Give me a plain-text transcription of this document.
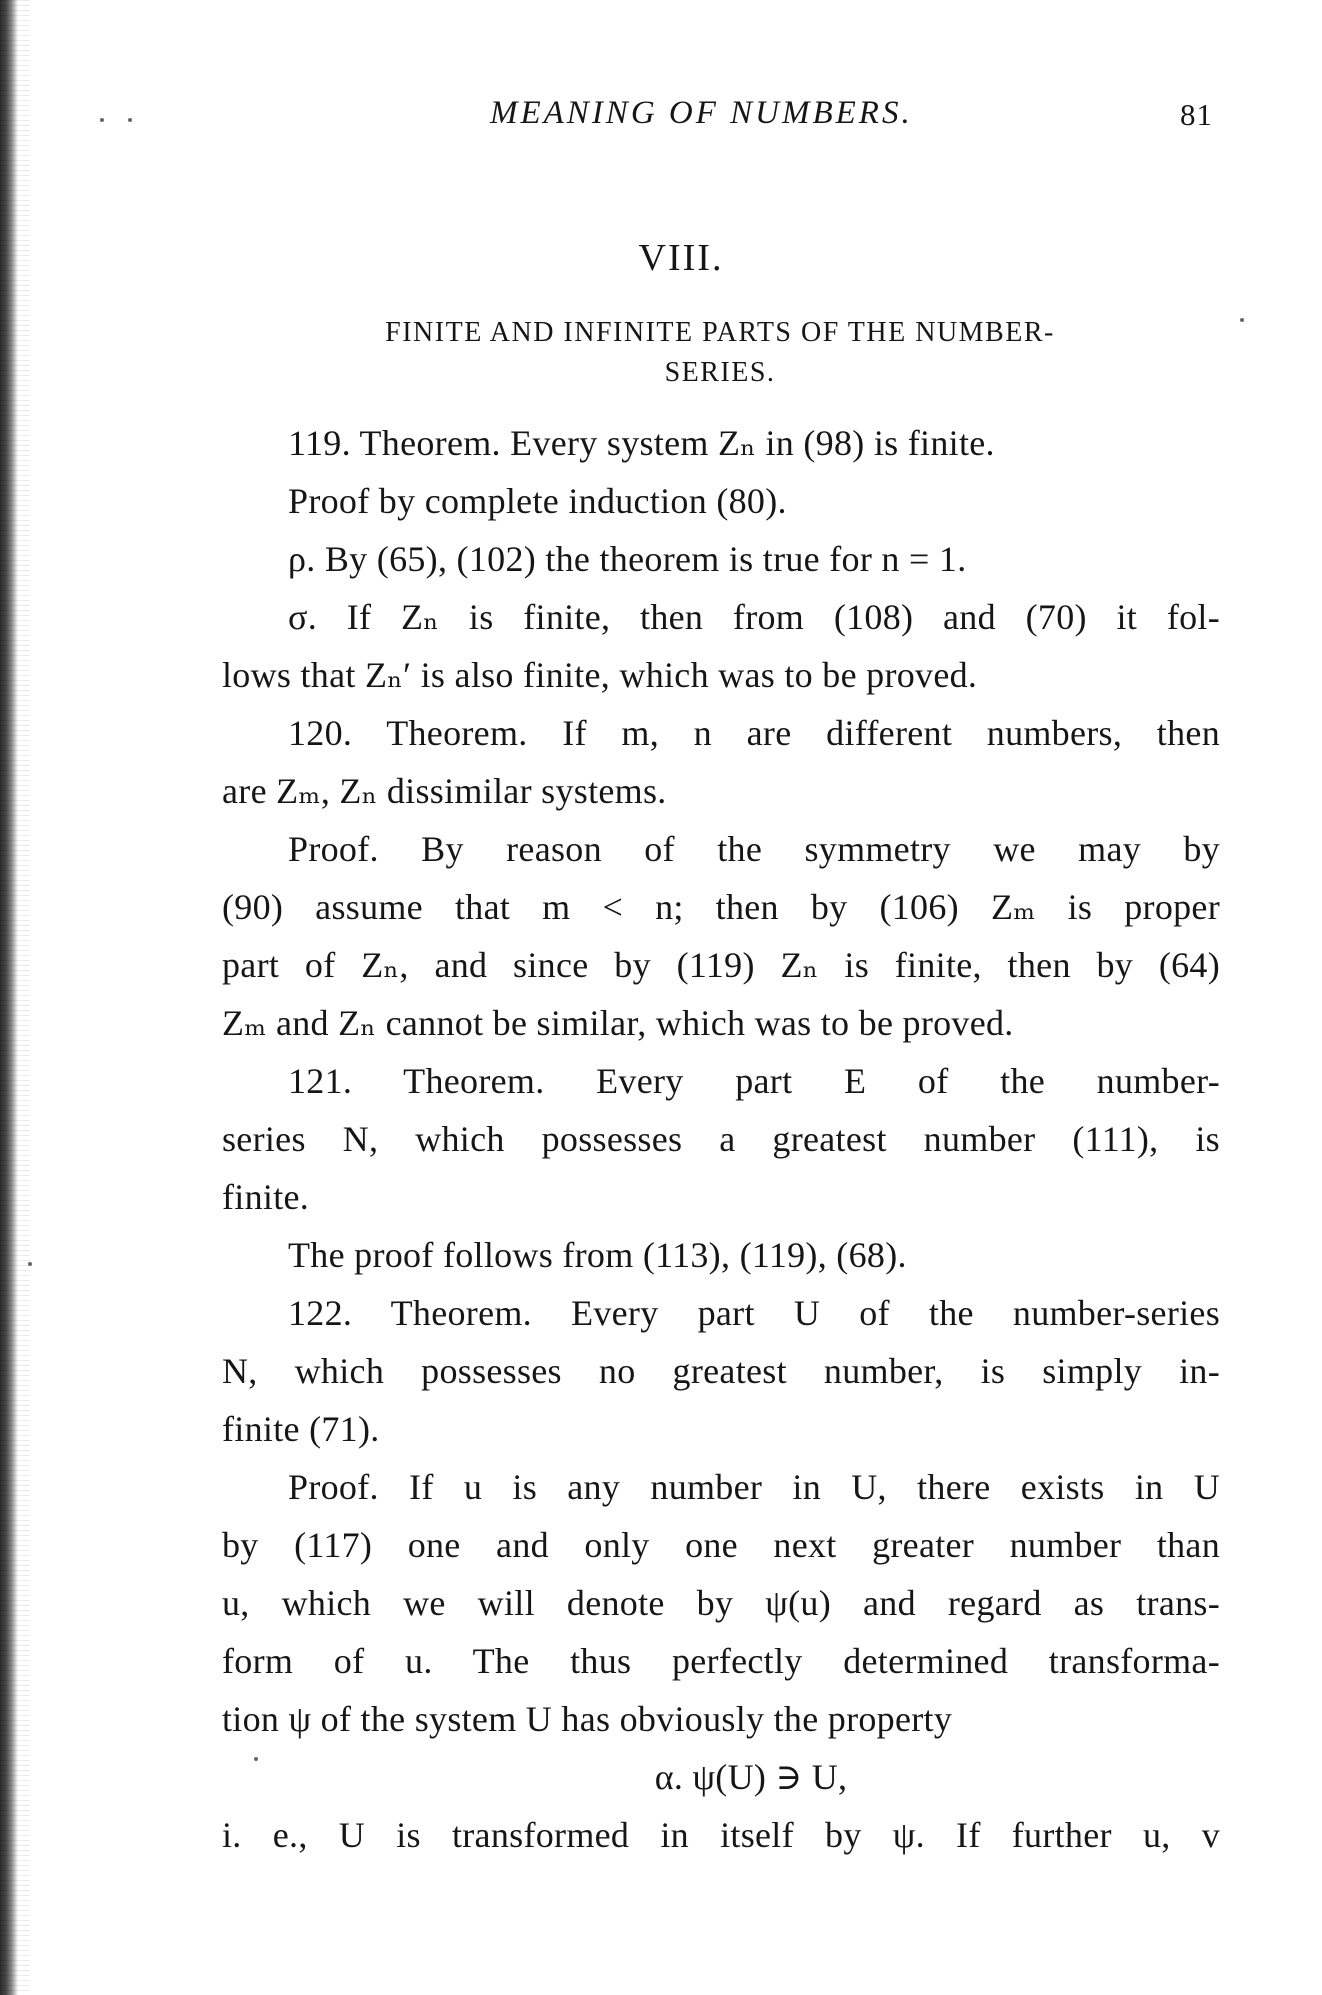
MEANING OF NUMBERS.	81
VIII.
FINITE AND INFINITE PARTS OF THE NUMBER-
SERIES.
119. Theorem. Every system Zₙ in (98) is finite.
Proof by complete induction (80).
ρ. By (65), (102) the theorem is true for n = 1.
σ. If Zₙ is finite, then from (108) and (70) it fol-
lows that Zₙ′ is also finite, which was to be proved.
120. Theorem. If m, n are different numbers, then
are Zₘ, Zₙ dissimilar systems.
Proof. By reason of the symmetry we may by
(90) assume that m < n; then by (106) Zₘ is proper
part of Zₙ, and since by (119) Zₙ is finite, then by (64)
Zₘ and Zₙ cannot be similar, which was to be proved.
121. Theorem. Every part E of the number-
series N, which possesses a greatest number (111), is
finite.
The proof follows from (113), (119), (68).
122. Theorem. Every part U of the number-series
N, which possesses no greatest number, is simply in-
finite (71).
Proof. If u is any number in U, there exists in U
by (117) one and only one next greater number than
u, which we will denote by ψ(u) and regard as trans-
form of u. The thus perfectly determined transforma-
tion ψ of the system U has obviously the property
α. ψ(U) ∋ U,
i. e., U is transformed in itself by ψ. If further u, v
